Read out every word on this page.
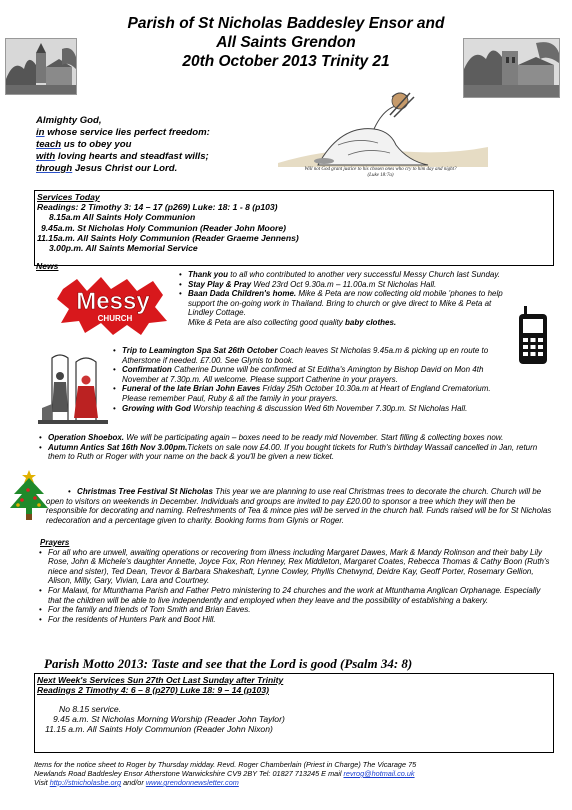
Parish of St Nicholas Baddesley Ensor and
All Saints Grendon
20th October 2013 Trinity 21
Almighty God,
in whose service lies perfect freedom:
teach us to obey you
with loving hearts and steadfast wills;
through Jesus Christ our Lord.	Will not God grant justice to his chosen ones who cry to him day and night?
(Luke 18:7a)
Services Today
Readings: 2 Timothy 3: 14 – 17 (p269) Luke: 18: 1 - 8 (p103)
8.15a.m All Saints Holy Communion
9.45a.m. St Nicholas Holy Communion (Reader John Moore)
11.15a.m. All Saints Holy Communion (Reader Graeme Jennens)
3.00p.m. All Saints Memorial Service
News
Messy
CHURCH
• Thank you to all who contributed to another very successful Messy Church last Sunday.
• Stay Play & Pray Wed 23rd Oct 9.30a.m – 11.00a.m St Nicholas Hall.
• Baan Dada Children's home. Mike & Peta are now collecting old mobile 'phones to help support the on-going work in Thailand. Bring to church or give direct to Mike & Peta at Lindley Cottage.
Mike & Peta are also collecting good quality baby clothes.
• Trip to Leamington Spa Sat 26th October Coach leaves St Nicholas 9.45a.m & picking up en route to Atherstone if needed. £7.00. See Glynis to book.
• Confirmation Catherine Dunne will be confirmed at St Editha's Amington by Bishop David on Mon 4th November at 7.30p.m. All welcome. Please support Catherine in your prayers.
• Funeral of the late Brian John Eaves Friday 25th October 10.30a.m at Heart of England Crematorium. Please remember Paul, Ruby & all the family in your prayers.
• Growing with God Worship teaching & discussion Wed 6th November 7.30p.m. St Nicholas Hall.
• Operation Shoebox. We will be participating again – boxes need to be ready mid November. Start filling & collecting boxes now.
• Autumn Antics Sat 16th Nov 3.00pm.Tickets on sale now £4.00. If you bought tickets for Ruth's birthday Wassail cancelled in Jan, return them to Ruth or Roger with your name on the back & you'll be given a new ticket.
• Christmas Tree Festival St Nicholas This year we are planning to use real Christmas trees to decorate the church. Church will be open to visitors on weekends in December. Individuals and groups are invited to pay £20.00 to sponsor a tree which they will then be responsible for decorating and naming. Refreshments of Tea & mince pies will be served in the church hall. Funds raised will be for St Nicholas redecoration and a percentage given to charity. Booking forms from Glynis or Roger.
Prayers
• For all who are unwell, awaiting operations or recovering from illness including Margaret Dawes, Mark & Mandy Rolinson and their baby Lily Rose, John & Michele's daughter Annette, Joyce Fox, Ron Henney, Rex Middleton, Margaret Coates, Rebecca Thomas & Cathy Boon (Ruth's niece and sister), Ted Dean, Trevor & Barbara Shakeshaft, Lynne Cowley, Phyllis Chetwynd, Deidre Kay, Geoff Porter, Rosemary Gellion, Alison, Milly, Gary, Vivian, Lara and Courtney.
• For Malawi, for Mtunthama Parish and Father Petro ministering to 24 churches and the work at Mtunthama Anglican Orphanage. Especially that the children will be able to live independently and employed when they leave and the possibility of establishing a bakery.
• For the family and friends of Tom Smith and Brian Eaves.
• For the residents of Hunters Park and Boot Hill.
Parish Motto 2013: Taste and see that the Lord is good (Psalm 34: 8)
Next Week's Services Sun 27th Oct Last Sunday after Trinity
Readings 2 Timothy 4: 6 – 8 (p270) Luke 18: 9 – 14 (p103)
No 8.15 service.
9.45 a.m. St Nicholas Morning Worship (Reader John Taylor)
11.15 a.m. All Saints Holy Communion (Reader John Nixon)
Items for the notice sheet to Roger by Thursday midday. Revd. Roger Chamberlain (Priest in Charge) The Vicarage 75
Newlands Road Baddesley Ensor Atherstone Warwickshire CV9 2BY Tel: 01827 713245 E mail revrog@hotmail.co.uk
Visit http://stnicholasbe.org and/or www.grendonnewsletter.com
